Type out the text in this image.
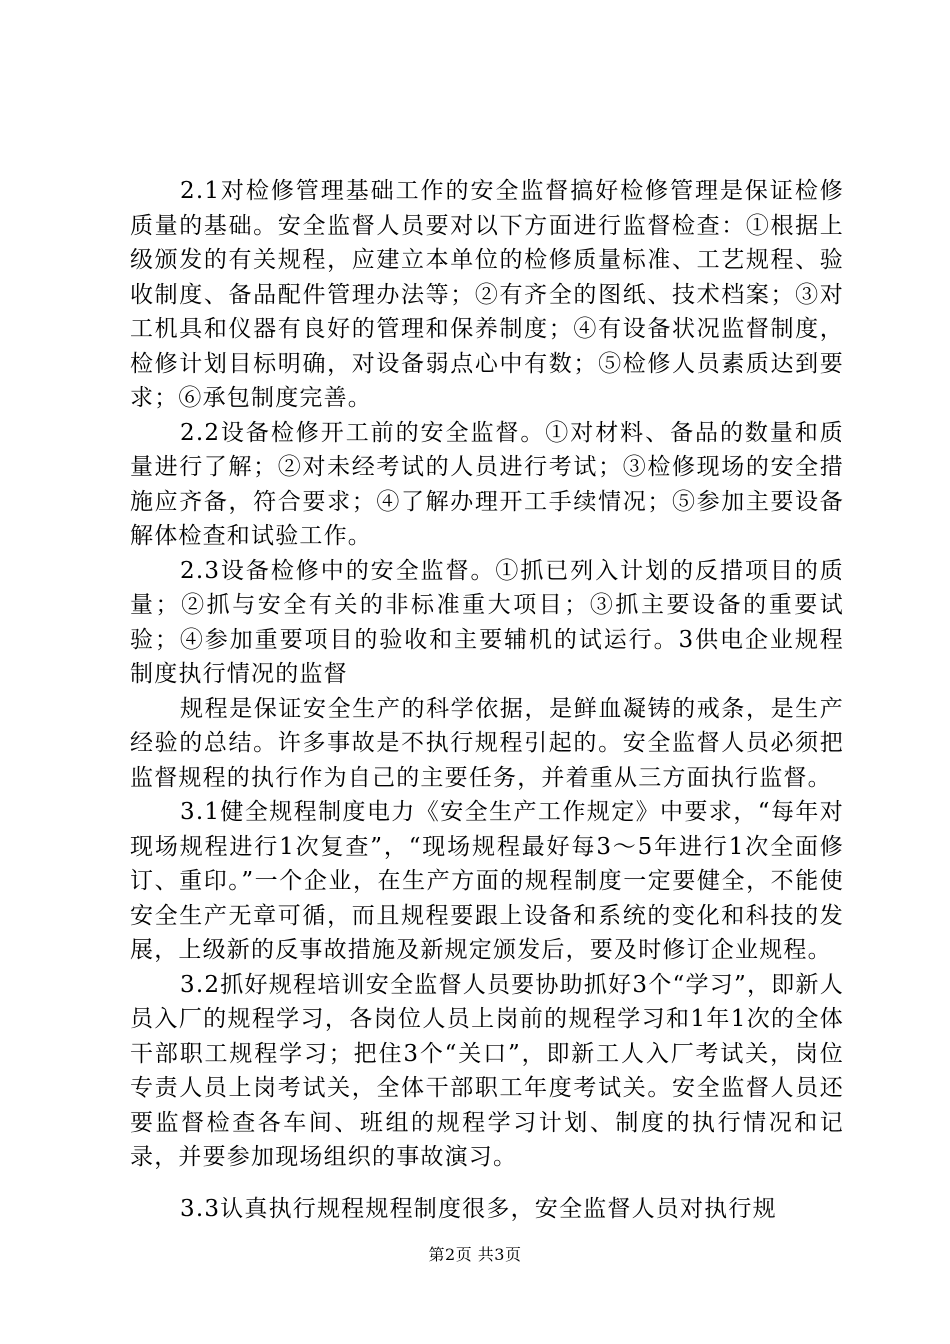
2.1对检修管理基础工作的安全监督搞好检修管理是保证检修质量的基础。安全监督人员要对以下方面进行监督检查：①根据上级颁发的有关规程，应建立本单位的检修质量标准、工艺规程、验收制度、备品配件管理办法等；②有齐全的图纸、技术档案；③对工机具和仪器有良好的管理和保养制度；④有设备状况监督制度，检修计划目标明确，对设备弱点心中有数；⑤检修人员素质达到要求；⑥承包制度完善。

2.2设备检修开工前的安全监督。①对材料、备品的数量和质量进行了解；②对未经考试的人员进行考试；③检修现场的安全措施应齐备，符合要求；④了解办理开工手续情况；⑤参加主要设备解体检查和试验工作。

2.3设备检修中的安全监督。①抓已列入计划的反措项目的质量；②抓与安全有关的非标准重大项目；③抓主要设备的重要试验；④参加重要项目的验收和主要辅机的试运行。3供电企业规程制度执行情况的监督

规程是保证安全生产的科学依据，是鲜血凝铸的戒条，是生产经验的总结。许多事故是不执行规程引起的。安全监督人员必须把监督规程的执行作为自己的主要任务，并着重从三方面执行监督。

3.1健全规程制度电力《安全生产工作规定》中要求，“每年对现场规程进行1次复查”，“现场规程最好每3～5年进行1次全面修订、重印。”一个企业，在生产方面的规程制度一定要健全，不能使安全生产无章可循，而且规程要跟上设备和系统的变化和科技的发展，上级新的反事故措施及新规定颁发后，要及时修订企业规程。

3.2抓好规程培训安全监督人员要协助抓好3个“学习”，即新人员入厂的规程学习，各岗位人员上岗前的规程学习和1年1次的全体干部职工规程学习；把住3个“关口”，即新工人入厂考试关，岗位专责人员上岗考试关，全体干部职工年度考试关。安全监督人员还要监督检查各车间、班组的规程学习计划、制度的执行情况和记录，并要参加现场组织的事故演习。

3.3认真执行规程规程制度很多，安全监督人员对执行规

第2页 共3页
